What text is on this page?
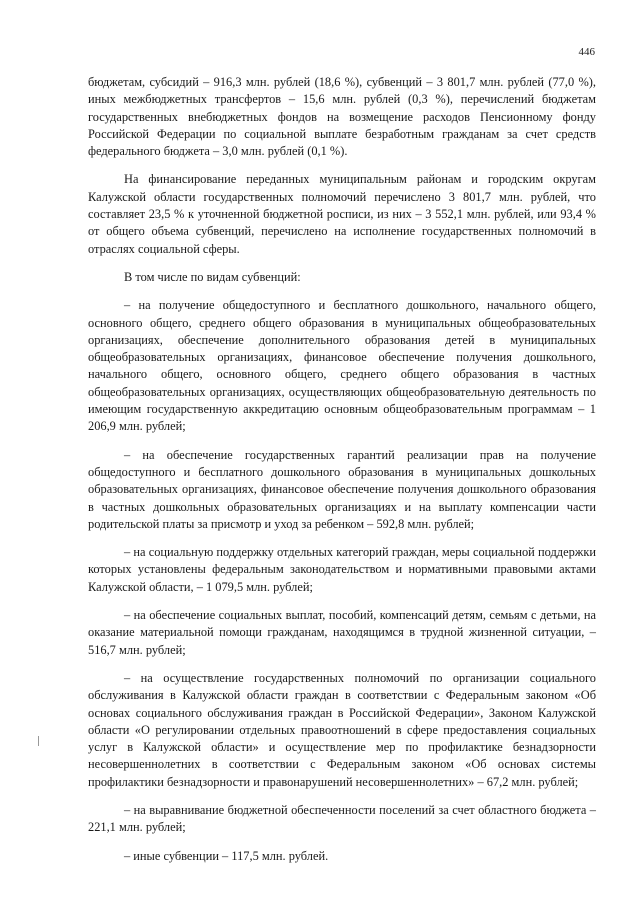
446

бюджетам, субсидий – 916,3 млн. рублей (18,6 %), субвенций – 3 801,7 млн. рублей (77,0 %), иных межбюджетных трансфертов – 15,6 млн. рублей (0,3 %), перечислений бюджетам государственных внебюджетных фондов на возмещение расходов Пенсионному фонду Российской Федерации по социальной выплате безработным гражданам за счет средств федерального бюджета – 3,0 млн. рублей (0,1 %).

На финансирование переданных муниципальным районам и городским округам Калужской области государственных полномочий перечислено 3 801,7 млн. рублей, что составляет 23,5 % к уточненной бюджетной росписи, из них – 3 552,1 млн. рублей, или 93,4 % от общего объема субвенций, перечислено на исполнение государственных полномочий в отраслях социальной сферы.

В том числе по видам субвенций:

– на получение общедоступного и бесплатного дошкольного, начального общего, основного общего, среднего общего образования в муниципальных общеобразовательных организациях, обеспечение дополнительного образования детей в муниципальных общеобразовательных организациях, финансовое обеспечение получения дошкольного, начального общего, основного общего, среднего общего образования в частных общеобразовательных организациях, осуществляющих общеобразовательную деятельность по имеющим государственную аккредитацию основным общеобразовательным программам – 1 206,9 млн. рублей;

– на обеспечение государственных гарантий реализации прав на получение общедоступного и бесплатного дошкольного образования в муниципальных дошкольных образовательных организациях, финансовое обеспечение получения дошкольного образования в частных дошкольных образовательных организациях и на выплату компенсации части родительской платы за присмотр и уход за ребенком – 592,8 млн. рублей;

– на социальную поддержку отдельных категорий граждан, меры социальной поддержки которых установлены федеральным законодательством и нормативными правовыми актами Калужской области, – 1 079,5 млн. рублей;

– на обеспечение социальных выплат, пособий, компенсаций детям, семьям с детьми, на оказание материальной помощи гражданам, находящимся в трудной жизненной ситуации, – 516,7 млн. рублей;

– на осуществление государственных полномочий по организации социального обслуживания в Калужской области граждан в соответствии с Федеральным законом «Об основах социального обслуживания граждан в Российской Федерации», Законом Калужской области «О регулировании отдельных правоотношений в сфере предоставления социальных услуг в Калужской области» и осуществление мер по профилактике безнадзорности несовершеннолетних в соответствии с Федеральным законом «Об основах системы профилактики безнадзорности и правонарушений несовершеннолетних» – 67,2 млн. рублей;

– на выравнивание бюджетной обеспеченности поселений за счет областного бюджета – 221,1 млн. рублей;

– иные субвенции – 117,5 млн. рублей.
